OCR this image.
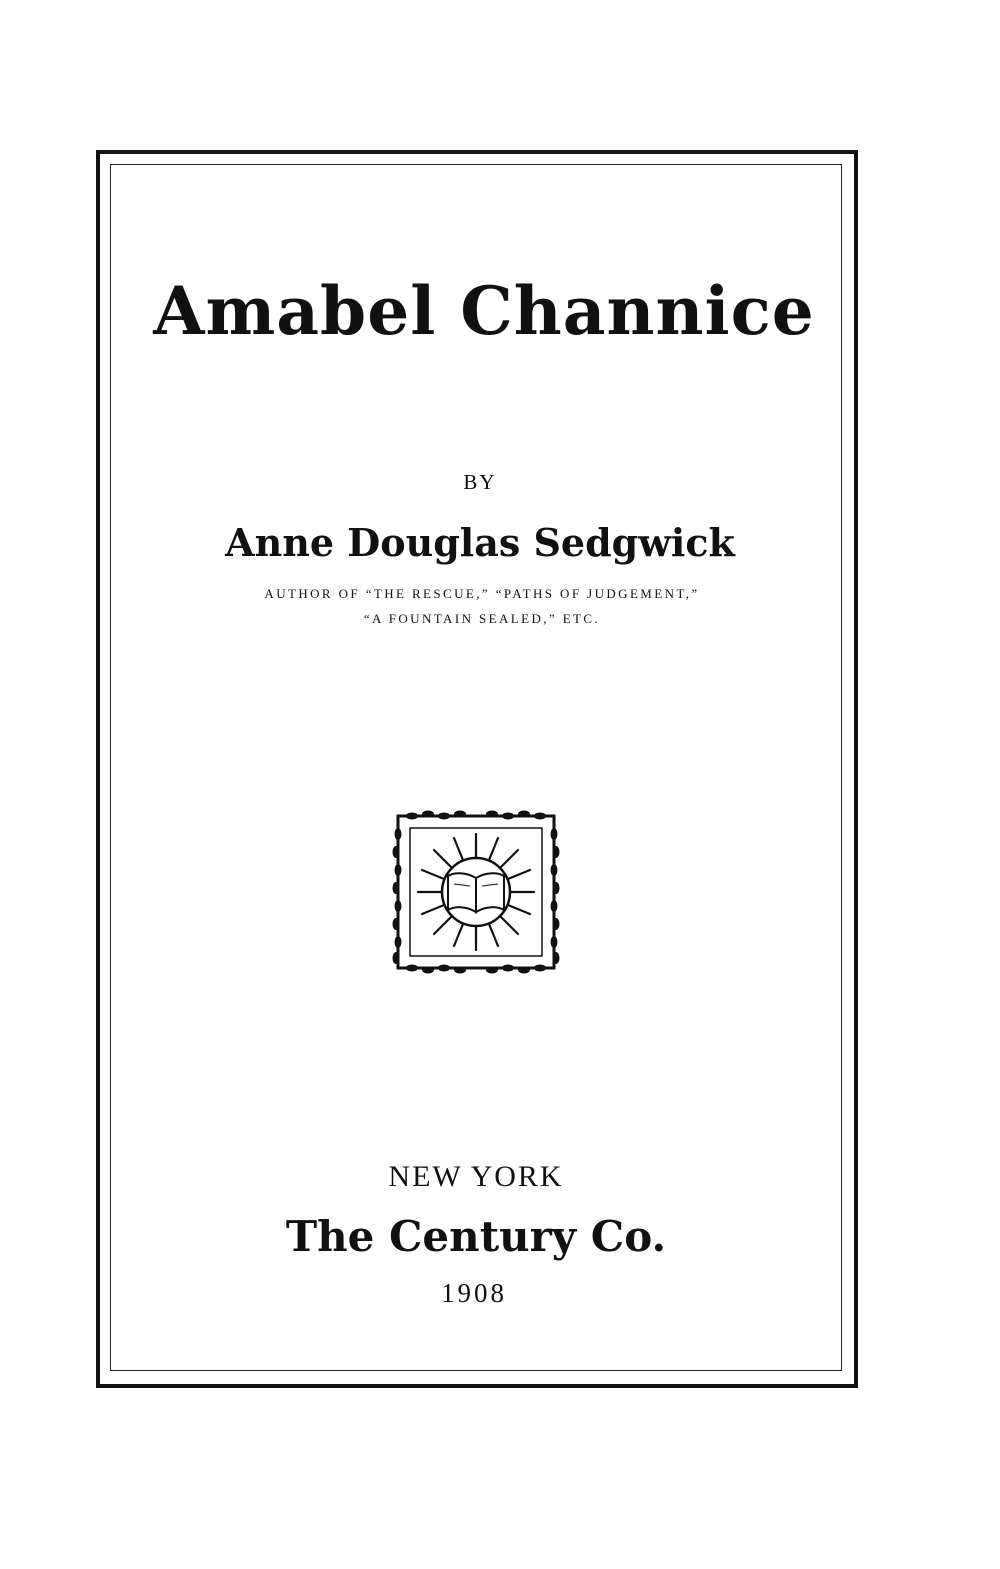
Amabel Channice
BY
Anne Douglas Sedgwick
AUTHOR OF “THE RESCUE,” “PATHS OF JUDGEMENT,”
“A FOUNTAIN SEALED,” ETC.
NEW YORK
The Century Co.
1908
